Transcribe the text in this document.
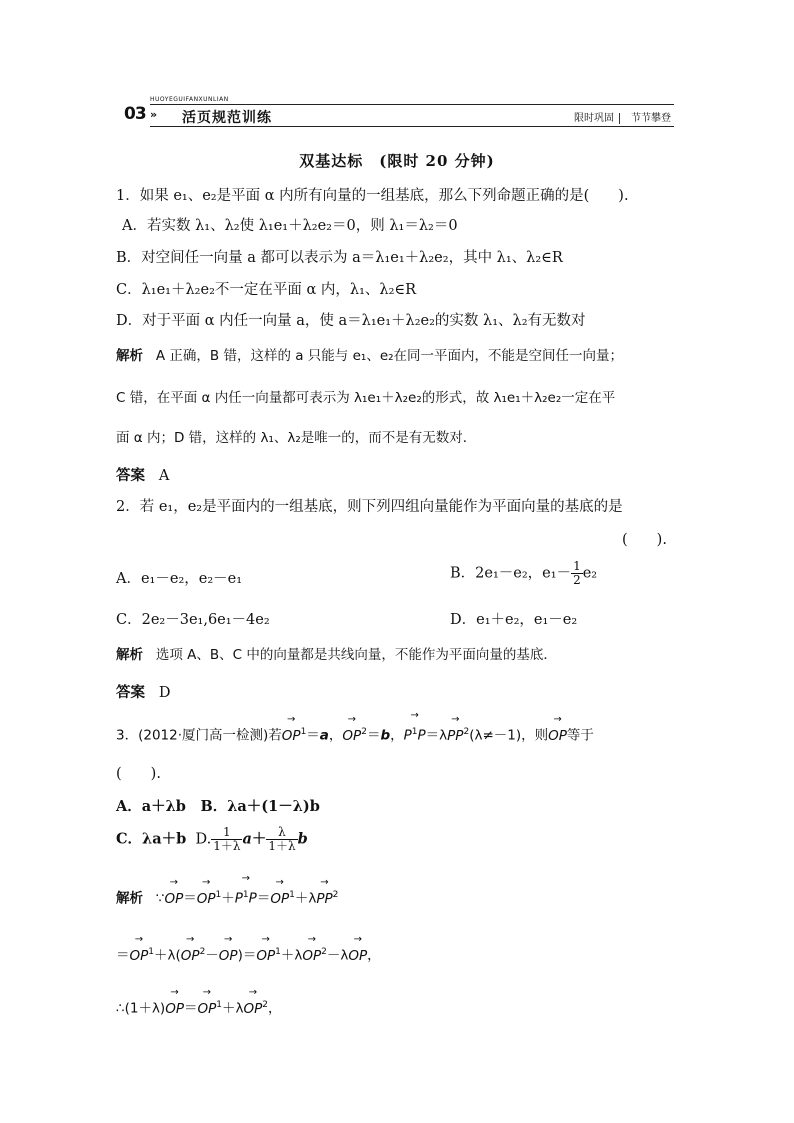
03
HUOYEGUIFANXUNLIAN
» 活页规范训练	限时巩固 节节攀登
双基达标　(限时 20 分钟)
1．如果 e₁、e₂是平面 α 内所有向量的一组基底，那么下列命题正确的是(　　).
A．若实数 λ₁、λ₂使 λ₁e₁＋λ₂e₂＝0，则 λ₁＝λ₂＝0
B．对空间任一向量 a 都可以表示为 a＝λ₁e₁＋λ₂e₂，其中 λ₁、λ₂∈R
C．λ₁e₁＋λ₂e₂不一定在平面 α 内，λ₁、λ₂∈R
D．对于平面 α 内任一向量 a，使 a＝λ₁e₁＋λ₂e₂的实数 λ₁、λ₂有无数对
解析 A 正确，B 错，这样的 a 只能与 e₁、e₂在同一平面内，不能是空间任一向量；
C 错，在平面 α 内任一向量都可表示为 λ₁e₁＋λ₂e₂的形式，故 λ₁e₁＋λ₂e₂一定在平
面 α 内；D 错，这样的 λ₁、λ₂是唯一的，而不是有无数对．
答案 A
2．若 e₁，e₂是平面内的一组基底，则下列四组向量能作为平面向量的基底的是
(　　).
A．e₁－e₂，e₂－e₁	B．2e₁－e₂，$e_1- \frac{1}{2} e_2$
C．2e₂－3e₁,6e₁－4e₂	D．e₁＋e₂，e₁－e₂
解析 选项 A、B、C 中的向量都是共线向量，不能作为平面向量的基底．
答案 D
3．(2012·厦门高一检测)若→ $OP^1=a$，→ $OP^2=b$，→ $P^1P=\lambda\to PP^2(\lambda\ne-1)$，则→ OP等于
(　　).
A．a＋λb　B．λa＋(1－λ)b
C．λa＋b D. $\frac{1}{1+\lambda} a+ \frac{\lambda}{1+\lambda}$ b
解析   ∵→ $OP=\to OP^1+\to P^1P=\to OP^1+\lambda\to PP^2$
＝→ $OP^1+\lambda(\to OP^2-\to OP)=\to OP^1+\lambda\to OP^2-\lambda\to$ OP，
∴(1＋λ)→ $OP=\to OP^1+\lambda\to OP^2$，
